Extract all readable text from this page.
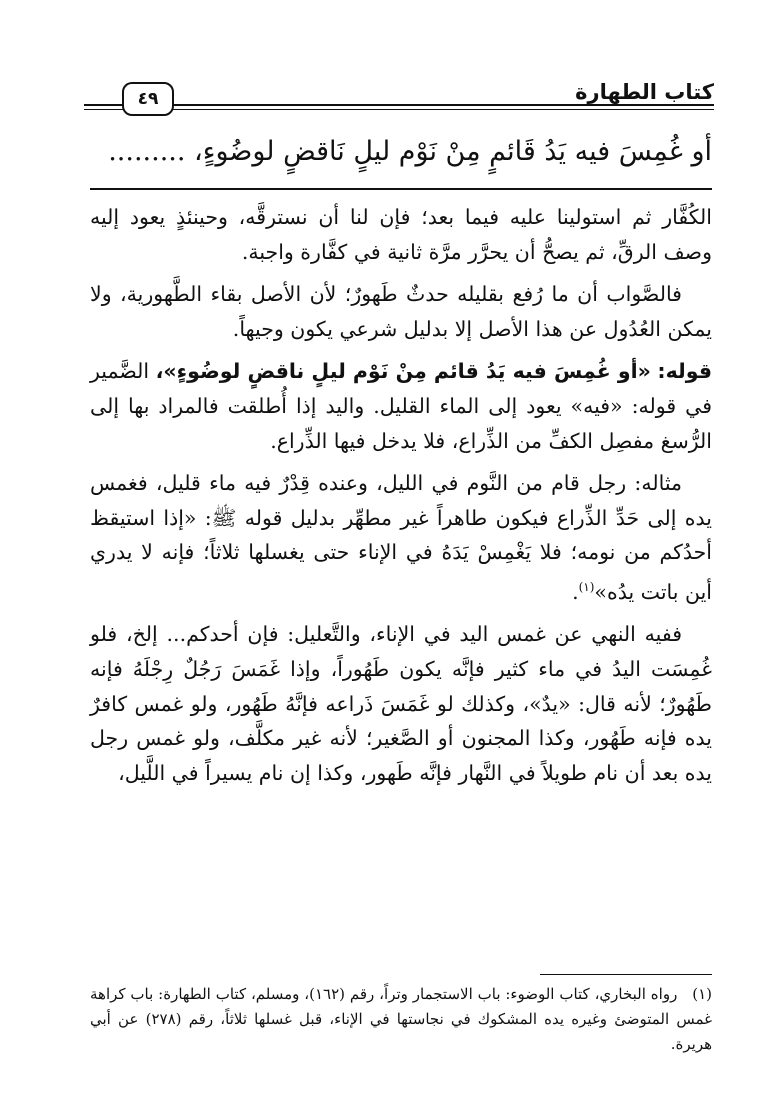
كتاب الطهارة
٤٩
أو غُمِسَ فيه يَدُ قَائمٍ مِنْ نَوْم ليلٍ نَاقضٍ لوضُوءٍ، .........

الكُفَّار ثم استولينا عليه فيما بعد؛ فإن لنا أن نسترقَّه، وحينئذٍ يعود إليه وصف الرقِّ، ثم يصحُّ أن يحرَّر مرَّة ثانية في كفَّارة واجبة.

فالصَّواب أن ما رُفع بقليله حدثٌ طَهورٌ؛ لأن الأصل بقاء الطَّهورية، ولا يمكن العُدُول عن هذا الأصل إلا بدليل شرعي يكون وجيهاً.

قوله: «أو غُمِسَ فيه يَدُ قائم مِنْ نَوْم ليلٍ ناقضٍ لوضُوءٍ»، الضَّمير في قوله: «فيه» يعود إلى الماء القليل. واليد إذا أُطلقت فالمراد بها إلى الرُّسغ مفصِل الكفِّ من الذِّراع، فلا يدخل فيها الذِّراع.

مثاله: رجل قام من النَّوم في الليل، وعنده قِدْرٌ فيه ماء قليل، فغمس يده إلى حَدِّ الذِّراع فيكون طاهراً غير مطهِّر بدليل قوله ﷺ: «إذا استيقظ أحدُكم من نومه؛ فلا يَغْمِسْ يَدَهُ في الإناء حتى يغسلها ثلاثاً؛ فإنه لا يدري أين باتت يدُه»$^{(١)}$.

ففيه النهي عن غمس اليد في الإناء، والتَّعليل: فإن أحدكم... إلخ، فلو غُمِسَت اليدُ في ماء كثير فإنَّه يكون طَهُوراً، وإذا غَمَسَ رَجُلٌ رِجْلَهُ فإنه طَهُورٌ؛ لأنه قال: «يدٌ»، وكذلك لو غَمَسَ ذَراعه فإنَّهُ طَهُور، ولو غمس كافرٌ يده فإنه طَهُور، وكذا المجنون أو الصَّغير؛ لأنه غير مكلَّف، ولو غمس رجل يده بعد أن نام طويلاً في النَّهار فإنَّه طَهور، وكذا إن نام يسيراً في اللَّيل،

(١) رواه البخاري، كتاب الوضوء: باب الاستجمار وتراً، رقم (١٦٢)، ومسلم، كتاب الطهارة: باب كراهة غمس المتوضئ وغيره يده المشكوك في نجاستها في الإناء، قبل غسلها ثلاثاً، رقم (٢٧٨) عن أبي هريرة.
